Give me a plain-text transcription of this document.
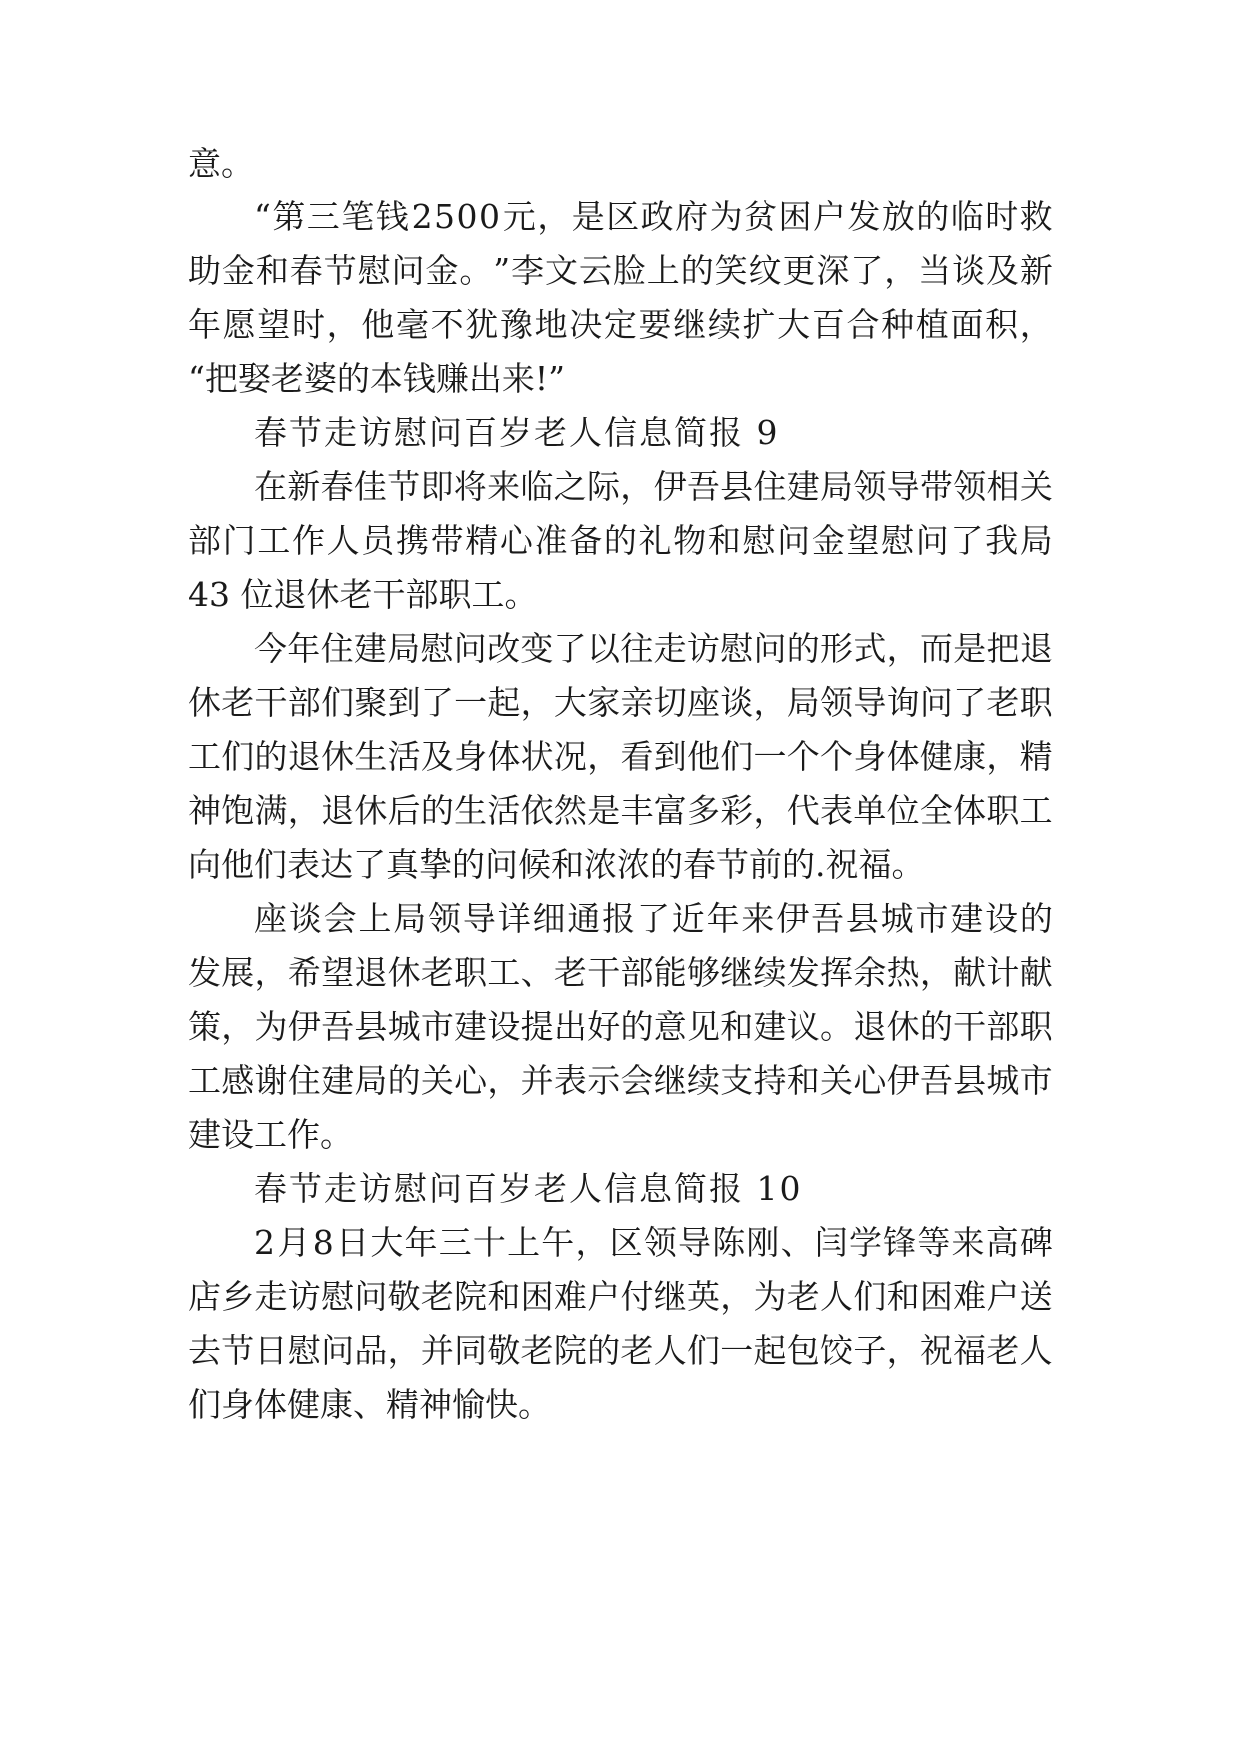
意。
“ 第 三 笔 钱 2 5 0 0 元 ， 是 区 政 府 为 贫 困 户 发 放 的 临 时 救
助 金 和 春 节 慰 问 金 。 ” 李 文 云 脸 上 的 笑 纹 更 深 了 ， 当 谈 及 新
年 愿 望 时 ， 他 毫 不 犹 豫 地 决 定 要 继 续 扩 大 百 合 种 植 面 积 ，
“把娶老婆的本钱赚出来!”
春节走访慰问百岁老人信息简报 9
在 新 春 佳 节 即 将 来 临 之 际 ， 伊 吾 县 住 建 局 领 导 带 领 相 关
部 门 工 作 人 员 携 带 精 心 准 备 的 礼 物 和 慰 问 金 望 慰 问 了 我 局
43 位退休老干部职工。
今 年 住 建 局 慰 问 改 变 了 以 往 走 访 慰 问 的 形 式 ， 而 是 把 退
休 老 干 部 们 聚 到 了 一 起 ， 大 家 亲 切 座 谈 ， 局 领 导 询 问 了 老 职
工 们 的 退 休 生 活 及 身 体 状 况 ， 看 到 他 们 一 个 个 身 体 健 康 ， 精
神 饱 满 ， 退 休 后 的 生 活 依 然 是 丰 富 多 彩 ， 代 表 单 位 全 体 职 工
向他们表达了真挚的问候和浓浓的春节前的.祝福。
座 谈 会 上 局 领 导 详 细 通 报 了 近 年 来 伊 吾 县 城 市 建 设 的
发 展 ， 希 望 退 休 老 职 工 、 老 干 部 能 够 继 续 发 挥 余 热 ， 献 计 献
策 ， 为 伊 吾 县 城 市 建 设 提 出 好 的 意 见 和 建 议 。 退 休 的 干 部 职
工 感 谢 住 建 局 的 关 心 ， 并 表 示 会 继 续 支 持 和 关 心 伊 吾 县 城 市
建设工作。
春节走访慰问百岁老人信息简报 10
2 月 8 日 大 年 三 十 上 午 ， 区 领 导 陈 刚 、 闫 学 锋 等 来 高 碑
店 乡 走 访 慰 问 敬 老 院 和 困 难 户 付 继 英 ， 为 老 人 们 和 困 难 户 送
去 节 日 慰 问 品 ， 并 同 敬 老 院 的 老 人 们 一 起 包 饺 子 ， 祝 福 老 人
们身体健康、精神愉快。
